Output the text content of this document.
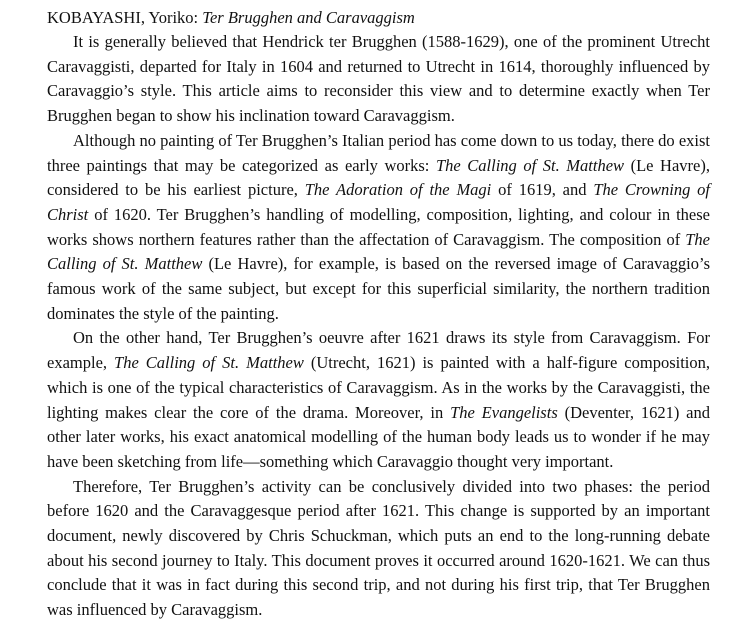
KOBAYASHI, Yoriko: Ter Brugghen and Caravaggism

It is generally believed that Hendrick ter Brugghen (1588-1629), one of the prominent Utrecht Caravaggisti, departed for Italy in 1604 and returned to Utrecht in 1614, thoroughly influenced by Caravaggio’s style. This article aims to reconsider this view and to determine exactly when Ter Brugghen began to show his inclination toward Caravaggism.

Although no painting of Ter Brugghen’s Italian period has come down to us today, there do exist three paintings that may be categorized as early works: The Calling of St. Matthew (Le Havre), considered to be his earliest picture, The Adoration of the Magi of 1619, and The Crowning of Christ of 1620. Ter Brugghen’s handling of modelling, composition, lighting, and colour in these works shows northern features rather than the affectation of Caravaggism. The composition of The Calling of St. Matthew (Le Havre), for example, is based on the reversed image of Caravaggio’s famous work of the same subject, but except for this superficial similarity, the northern tradition dominates the style of the painting.

On the other hand, Ter Brugghen’s oeuvre after 1621 draws its style from Caravaggism. For example, The Calling of St. Matthew (Utrecht, 1621) is painted with a half-figure composition, which is one of the typical characteristics of Caravaggism. As in the works by the Caravaggisti, the lighting makes clear the core of the drama. Moreover, in The Evangelists (Deventer, 1621) and other later works, his exact anatomical modelling of the human body leads us to wonder if he may have been sketching from life—something which Caravaggio thought very important.

Therefore, Ter Brugghen’s activity can be conclusively divided into two phases: the period before 1620 and the Caravaggesque period after 1621. This change is supported by an important document, newly discovered by Chris Schuckman, which puts an end to the long-running debate about his second journey to Italy. This document proves it occurred around 1620-1621. We can thus conclude that it was in fact during this second trip, and not during his first trip, that Ter Brugghen was influenced by Caravaggism.
